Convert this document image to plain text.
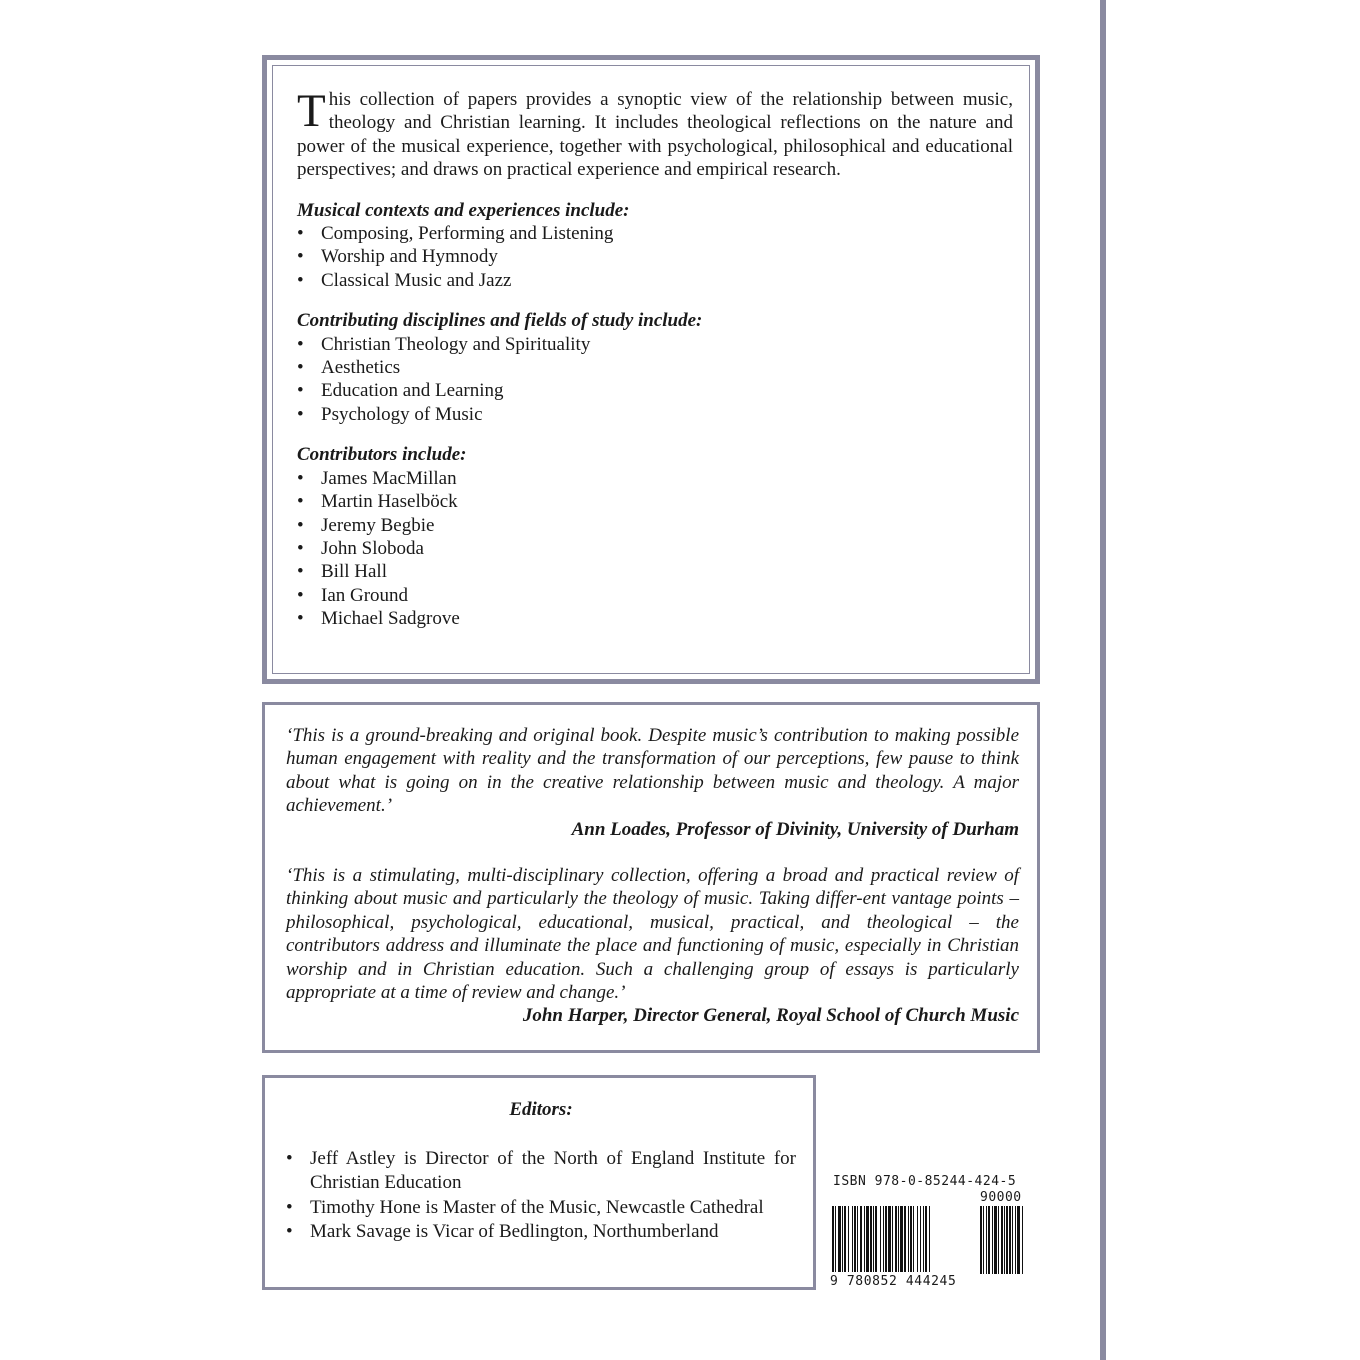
This collection of papers provides a synoptic view of the relationship between music, theology and Christian learning. It includes theological reflections on the nature and power of the musical experience, together with psychological, philosophical and educational perspectives; and draws on practical experience and empirical research.

Musical contexts and experiences include:

• Composing, Performing and Listening
• Worship and Hymnody
• Classical Music and Jazz

Contributing disciplines and fields of study include:

• Christian Theology and Spirituality
• Aesthetics
• Education and Learning
• Psychology of Music

Contributors include:

• James MacMillan
• Martin Haselböck
• Jeremy Begbie
• John Sloboda
• Bill Hall
• Ian Ground
• Michael Sadgrove

‘This is a ground-breaking and original book. Despite music’s contribution to making possible human engagement with reality and the transformation of our perceptions, few pause to think about what is going on in the creative relationship between music and theology. A major achievement.’

Ann Loades, Professor of Divinity, University of Durham

‘This is a stimulating, multi-disciplinary collection, offering a broad and practical review of thinking about music and particularly the theology of music. Taking differ-ent vantage points – philosophical, psychological, educational, musical, practical, and theological – the contributors address and illuminate the place and functioning of music, especially in Christian worship and in Christian education. Such a challenging group of essays is particularly appropriate at a time of review and change.’

John Harper, Director General, Royal School of Church Music

Editors:

• Jeff Astley is Director of the North of England Institute for Christian Education
• Timothy Hone is Master of the Music, Newcastle Cathedral
• Mark Savage is Vicar of Bedlington, Northumberland
ISBN 978-0-85244-424-5
90000
9 780852 444245
